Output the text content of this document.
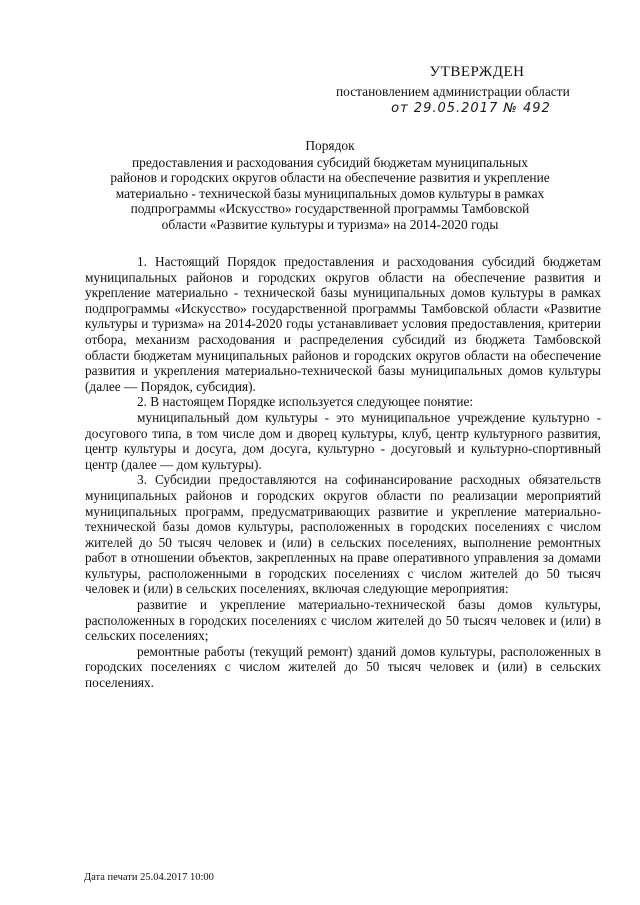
УТВЕРЖДЕН
постановлением администрации области
от 29.05.2017 № 492
Порядок
предоставления и расходования субсидий бюджетам муниципальных
районов и городских округов области на обеспечение развития и укрепление
материально - технической базы муниципальных домов культуры в рамках
подпрограммы «Искусство» государственной программы Тамбовской
области «Развитие культуры и туризма» на 2014-2020 годы

1. Настоящий Порядок предоставления и расходования субсидий бюджетам муниципальных районов и городских округов области на обеспечение развития и укрепление материально - технической базы муниципальных домов культуры в рамках подпрограммы «Искусство» государственной программы Тамбовской области «Развитие культуры и туризма» на 2014-2020 годы устанавливает условия предоставления, критерии отбора, механизм расходования и распределения субсидий из бюджета Тамбовской области бюджетам муниципальных районов и городских округов области на обеспечение развития и укрепления материально-технической базы муниципальных домов культуры (далее — Порядок, субсидия).

2. В настоящем Порядке используется следующее понятие:

муниципальный дом культуры - это муниципальное учреждение культурно - досугового типа, в том числе дом и дворец культуры, клуб, центр культурного развития, центр культуры и досуга, дом досуга, культурно - досуговый и культурно-спортивный центр (далее — дом культуры).

3. Субсидии предоставляются на софинансирование расходных обязательств муниципальных районов и городских округов области по реализации мероприятий муниципальных программ, предусматривающих развитие и укрепление материально-технической базы домов культуры, расположенных в городских поселениях с числом жителей до 50 тысяч человек и (или) в сельских поселениях, выполнение ремонтных работ в отношении объектов, закрепленных на праве оперативного управления за домами культуры, расположенными в городских поселениях с числом жителей до 50 тысяч человек и (или) в сельских поселениях, включая следующие мероприятия:

развитие и укрепление материально-технической базы домов культуры, расположенных в городских поселениях с числом жителей до 50 тысяч человек и (или) в сельских поселениях;

ремонтные работы (текущий ремонт) зданий домов культуры, расположенных в городских поселениях с числом жителей до 50 тысяч человек и (или) в сельских поселениях.

Дата печати 25.04.2017 10:00
